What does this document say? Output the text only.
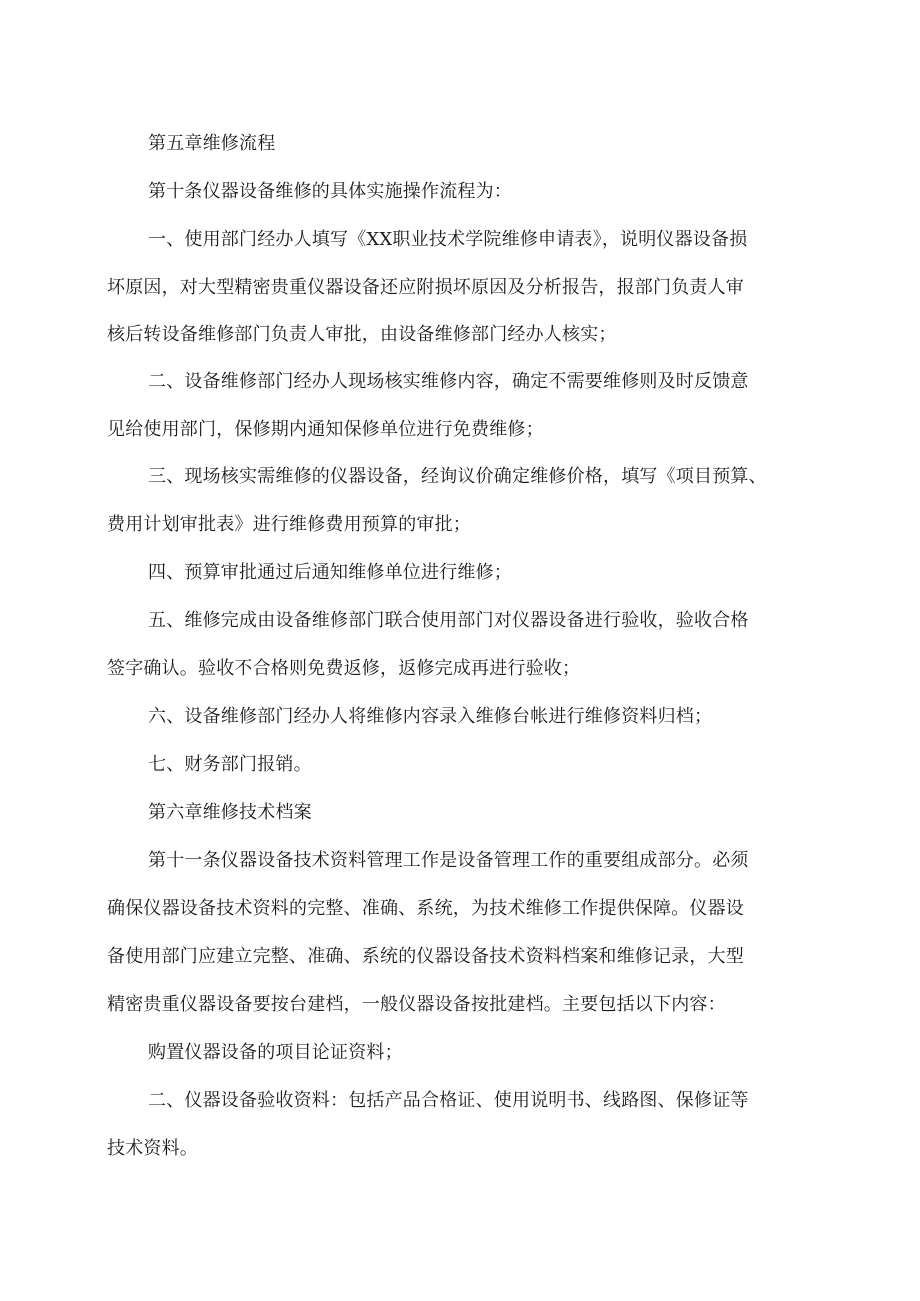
第五章维修流程

第十条仪器设备维修的具体实施操作流程为：

一、使用部门经办人填写《XX职业技术学院维修申请表》，说明仪器设备损

坏原因，对大型精密贵重仪器设备还应附损坏原因及分析报告，报部门负责人审

核后转设备维修部门负责人审批，由设备维修部门经办人核实；

二、设备维修部门经办人现场核实维修内容，确定不需要维修则及时反馈意

见给使用部门，保修期内通知保修单位进行免费维修；

三、现场核实需维修的仪器设备，经询议价确定维修价格，填写《项目预算、

费用计划审批表》进行维修费用预算的审批；

四、预算审批通过后通知维修单位进行维修；

五、维修完成由设备维修部门联合使用部门对仪器设备进行验收，验收合格

签字确认。验收不合格则免费返修，返修完成再进行验收；

六、设备维修部门经办人将维修内容录入维修台帐进行维修资料归档；

七、财务部门报销。

第六章维修技术档案

第十一条仪器设备技术资料管理工作是设备管理工作的重要组成部分。必须

确保仪器设备技术资料的完整、准确、系统，为技术维修工作提供保障。仪器设

备使用部门应建立完整、准确、系统的仪器设备技术资料档案和维修记录，大型

精密贵重仪器设备要按台建档，一般仪器设备按批建档。主要包括以下内容：

购置仪器设备的项目论证资料；

二、仪器设备验收资料：包括产品合格证、使用说明书、线路图、保修证等

技术资料。
